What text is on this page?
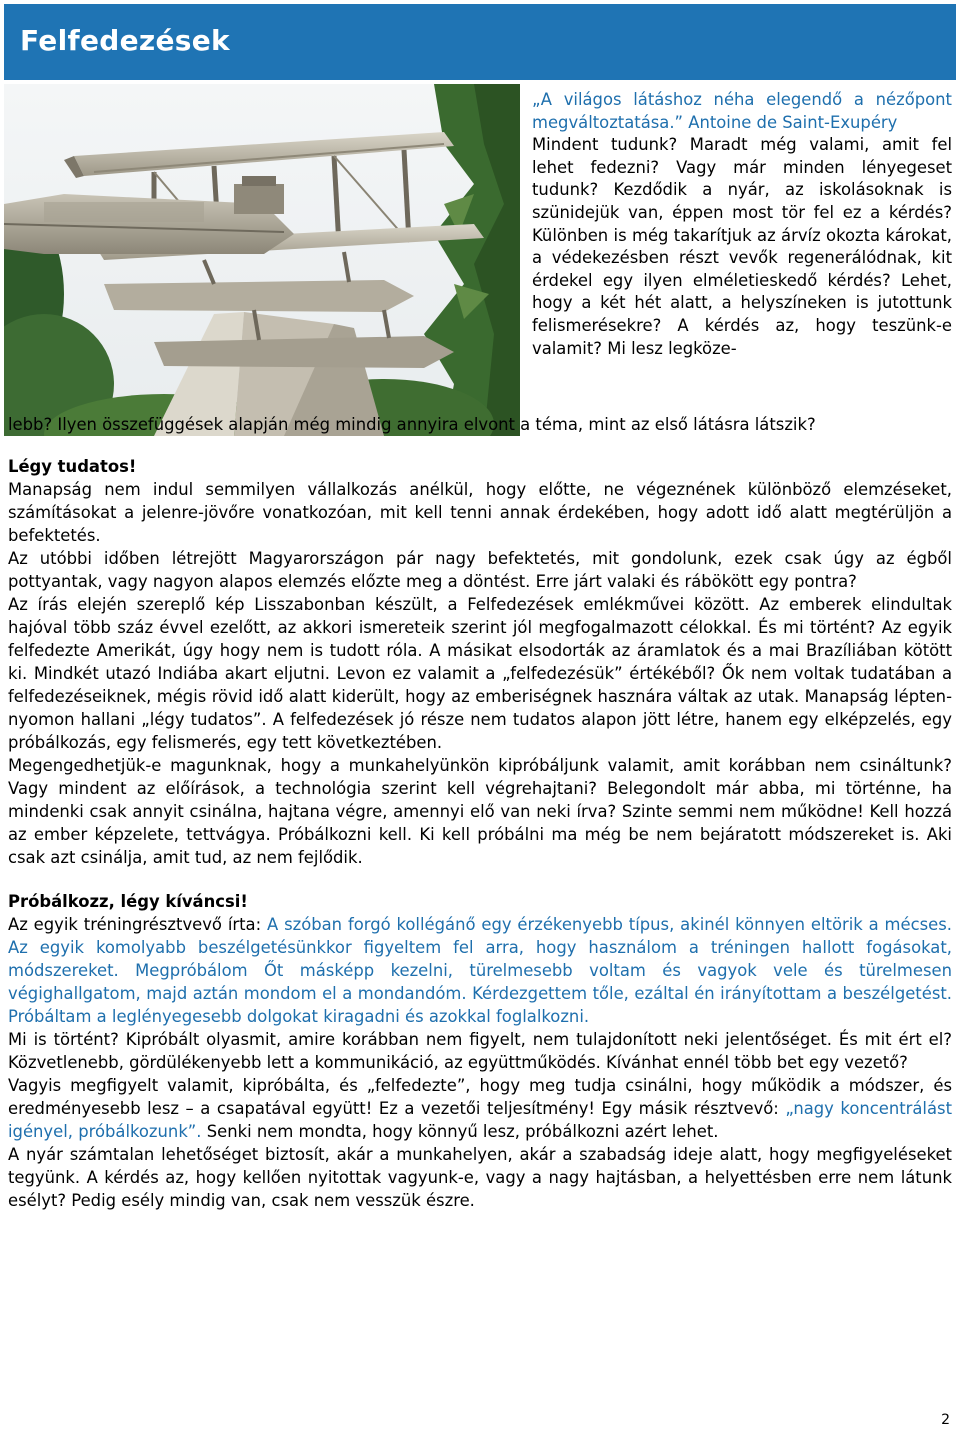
Felfedezések

„A világos látáshoz néha elegendő a nézőpont megváltoztatása.” Antoine de Saint-Exupéry

Mindent tudunk? Maradt még valami, amit fel lehet fedezni? Vagy már minden lényegeset tudunk? Kezdődik a nyár, az iskolásoknak is szünidejük van, éppen most tör fel ez a kérdés? Különben is még takarítjuk az árvíz okozta károkat, a védekezésben részt vevők regenerálódnak, kit érdekel egy ilyen elméletieskedő kérdés? Lehet, hogy a két hét alatt, a helyszíneken is jutottunk felismerésekre? A kérdés az, hogy teszünk-e valamit? Mi lesz legköze-

lebb? Ilyen összefüggések alapján még mindig annyira elvont a téma, mint az első látásra látszik?
Légy tudatos!

Manapság nem indul semmilyen vállalkozás anélkül, hogy előtte, ne végeznének különböző elemzéseket, számításokat a jelenre-jövőre vonatkozóan, mit kell tenni annak érdekében, hogy adott idő alatt megtérüljön a befektetés.

Az utóbbi időben létrejött Magyarországon pár nagy befektetés, mit gondolunk, ezek csak úgy az égből pottyantak, vagy nagyon alapos elemzés előzte meg a döntést. Erre járt valaki és rábökött egy pontra?

Az írás elején szereplő kép Lisszabonban készült, a Felfedezések emlékművei között. Az emberek elindultak hajóval több száz évvel ezelőtt, az akkori ismereteik szerint jól megfogalmazott célokkal. És mi történt? Az egyik felfedezte Amerikát, úgy hogy nem is tudott róla. A másikat elsodorták az áramlatok és a mai Brazíliában kötött ki. Mindkét utazó Indiába akart eljutni. Levon ez valamit a „felfedezésük” értékéből? Ők nem voltak tudatában a felfedezéseiknek, mégis rövid idő alatt kiderült, hogy az emberiségnek hasznára váltak az utak. Manapság lépten-nyomon hallani „légy tudatos”. A felfedezések jó része nem tudatos alapon jött létre, hanem egy elképzelés, egy próbálkozás, egy felismerés, egy tett következtében.

Megengedhetjük-e magunknak, hogy a munkahelyünkön kipróbáljunk valamit, amit korábban nem csináltunk? Vagy mindent az előírások, a technológia szerint kell végrehajtani? Belegondolt már abba, mi történne, ha mindenki csak annyit csinálna, hajtana végre, amennyi elő van neki írva? Szinte semmi nem működne! Kell hozzá az ember képzelete, tettvágya. Próbálkozni kell. Ki kell próbálni ma még be nem bejáratott módszereket is. Aki csak azt csinálja, amit tud, az nem fejlődik.

Próbálkozz, légy kíváncsi!

Az egyik tréningrésztvevő írta: A szóban forgó kollégánő egy érzékenyebb típus, akinél könnyen eltörik a mécses. Az egyik komolyabb beszélgetésünkkor figyeltem fel arra, hogy használom a tréningen hallott fogásokat, módszereket. Megpróbálom Őt másképp kezelni, türelmesebb voltam és vagyok vele és türelmesen végighallgatom, majd aztán mondom el a mondandóm. Kérdezgettem tőle, ezáltal én irányítottam a beszélgetést. Próbáltam a leglényegesebb dolgokat kiragadni és azokkal foglalkozni.

Mi is történt? Kipróbált olyasmit, amire korábban nem figyelt, nem tulajdonított neki jelentőséget. És mit ért el? Közvetlenebb, gördülékenyebb lett a kommunikáció, az együttműködés. Kívánhat ennél több bet egy vezető?

Vagyis megfigyelt valamit, kipróbálta, és „felfedezte”, hogy meg tudja csinálni, hogy működik a módszer, és eredményesebb lesz – a csapatával együtt! Ez a vezetői teljesítmény! Egy másik résztvevő: „nagy koncentrálást igényel, próbálkozunk”. Senki nem mondta, hogy könnyű lesz, próbálkozni azért lehet.

A nyár számtalan lehetőséget biztosít, akár a munkahelyen, akár a szabadság ideje alatt, hogy megfigyeléseket tegyünk. A kérdés az, hogy kellően nyitottak vagyunk-e, vagy a nagy hajtásban, a helyettésben erre nem látunk esélyt? Pedig esély mindig van, csak nem vesszük észre.

2
